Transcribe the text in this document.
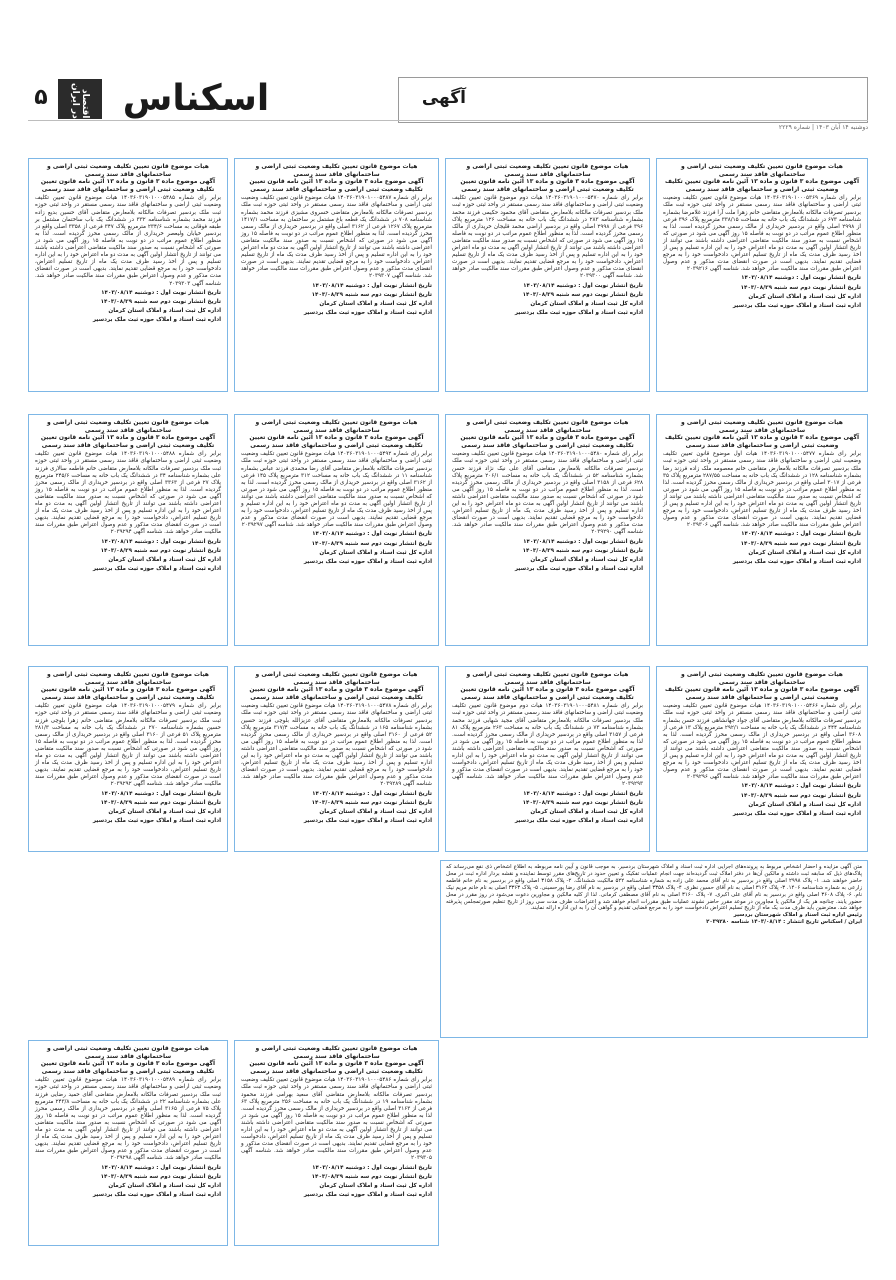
۵	اقتصاد در ایران	اسکناس	آگهی
دوشنبه ۱۴ آبان ۱۴۰۳ | شماره ۲۲۲۹
هیات موضوع قانون تعیین تکلیف وضعیت ثبتی اراضی و ساختمانهای فاقد سند رسمی
آگهی موضوع ماده ۳ قانون و ماده ۱۳ آئین نامه قانون تعیین تکلیف وضعیت ثبتی اراضی و ساختمانهای فاقد سند رسمی
برابر رای شماره ۱۴۰۳۶۰۳۱۹۰۱۰۰۰۵۳۶۹ هیات موضوع قانون تعیین تکلیف وضعیت ثبتی اراضی و ساختمانهای فاقد سند رسمی مستقر در واحد ثبتی حوزه ثبت ملک بردسیر تصرفات مالکانه بلامعارض متقاضی خانم زهرا ملت آرا فرزند غلامرضا بشماره شناسنامه ۶۷۳ در ششدانگ یک باب خانه به مساحت ۳۳۸/۱۵ مترمربع پلاک ۳۹۶ فرعی از ۲۹۹۸ اصلی واقع در بردسیر خریداری از مالک رسمی محرز گردیده است. لذا به منظور اطلاع عموم مراتب در دو نوبت به فاصله ۱۵ روز آگهی می شود در صورتی که اشخاص نسبت به صدور سند مالکیت متقاضی اعتراضی داشته باشند می توانند از تاریخ انتشار اولین آگهی به مدت دو ماه اعتراض خود را به این اداره تسلیم و پس از اخذ رسید ظرف مدت یک ماه از تاریخ تسلیم اعتراض، دادخواست خود را به مرجع قضایی تقدیم نمایند. بدیهی است در صورت انقضای مدت مذکور و عدم وصول اعتراض طبق مقررات سند مالکیت صادر خواهد شد. شناسه آگهی ۲۰۳۹۲۱۶
تاریخ انتشار نوبت اول : دوشنبه ۱۴۰۳/۰۸/۱۴
تاریخ انتشار نوبت دوم سه شنبه ۱۴۰۳/۰۸/۲۹
اداره کل ثبت اسناد و املاک استان کرمان
اداره ثبت اسناد و املاک حوزه ثبت ملک بردسیر
هیات موضوع قانون تعیین تکلیف وضعیت ثبتی اراضی و ساختمانهای فاقد سند رسمی
آگهی موضوع ماده ۳ قانون و ماده ۱۳ آئین نامه قانون تعیین تکلیف وضعیت ثبتی اراضی و ساختمانهای فاقد سند رسمی
برابر رای شماره ۱۴۰۳۶۰۳۱۹۰۱۰۰۰۵۴۷۰ هیات دوم موضوع قانون تعیین تکلیف وضعیت ثبتی اراضی و ساختمانهای فاقد سند رسمی مستقر در واحد ثبتی حوزه ثبت ملک بردسیر تصرفات مالکانه بلامعارض متقاضی آقای محمود حکیمی فرزند محمد بشماره شناسنامه ۲۸۳ در ششدانگ یک باب خانه به مساحت ۱۲۶ مترمربع پلاک ۳۹۶ فرعی از ۲۹۹۸ اصلی واقع در بردسیر اراضی محمد قلیجان خریداری از مالک رسمی محرز گردیده است. لذا به منظور اطلاع عموم مراتب در دو نوبت به فاصله ۱۵ روز آگهی می شود در صورتی که اشخاص نسبت به صدور سند مالکیت متقاضی اعتراضی داشته باشند می توانند از تاریخ انتشار اولین آگهی به مدت دو ماه اعتراض خود را به این اداره تسلیم و پس از اخذ رسید ظرف مدت یک ماه از تاریخ تسلیم اعتراض، دادخواست خود را به مرجع قضایی تقدیم نمایند. بدیهی است در صورت انقضای مدت مذکور و عدم وصول اعتراض طبق مقررات سند مالکیت صادر خواهد شد. شناسه آگهی ۲۰۳۹۳۰۰
تاریخ انتشار نوبت اول : دوشنبه ۱۴۰۳/۰۸/۱۴
تاریخ انتشار نوبت دوم سه شنبه ۱۴۰۳/۰۸/۲۹
اداره کل ثبت اسناد و املاک استان کرمان
اداره ثبت اسناد و املاک حوزه ثبت ملک بردسیر
هیات موضوع قانون تعیین تکلیف وضعیت ثبتی اراضی و ساختمانهای فاقد سند رسمی
آگهی موضوع ماده ۳ قانون و ماده ۱۳ آئین نامه قانون تعیین تکلیف وضعیت ثبتی اراضی و ساختمانهای فاقد سند رسمی
برابر رای شماره ۱۴۰۳۶۰۳۱۹۰۱۰۰۰۵۴۸۷ هیات موضوع قانون تعیین تکلیف وضعیت ثبتی اراضی و ساختمانهای فاقد سند رسمی مستقر در واحد ثبتی حوزه ثبت ملک بردسیر تصرفات مالکانه بلامعارض متقاضی خسروی مشیزی فرزند محمد بشماره شناسنامه ۷۰۸ در ششدانگ یک قطعه باغ مشتمل بر ساختمان به مساحت ۱۴۱۷/۱ مترمربع پلاک ۱۲۶۷ فرعی از ۳۱۶۲ اصلی واقع در بردسیر خریداری از مالک رسمی محرز گردیده است. لذا به منظور اطلاع عموم مراتب در دو نوبت به فاصله ۱۵ روز آگهی می شود در صورتی که اشخاص نسبت به صدور سند مالکیت متقاضی اعتراضی داشته باشند می توانند از تاریخ انتشار اولین آگهی به مدت دو ماه اعتراض خود را به این اداره تسلیم و پس از اخذ رسید ظرف مدت یک ماه از تاریخ تسلیم اعتراض، دادخواست خود را به مرجع قضایی تقدیم نمایند. بدیهی است در صورت انقضای مدت مذکور و عدم وصول اعتراض طبق مقررات سند مالکیت صادر خواهد شد. شناسه آگهی ۲۰۳۹۳۰۷
تاریخ انتشار نوبت اول : دوشنبه ۱۴۰۳/۰۸/۱۴
تاریخ انتشار نوبت دوم سه شنبه ۱۴۰۳/۰۸/۲۹
اداره کل ثبت اسناد و املاک استان کرمان
اداره ثبت اسناد و املاک حوزه ثبت ملک بردسیر
هیات موضوع قانون تعیین تکلیف وضعیت ثبتی اراضی و ساختمانهای فاقد سند رسمی
آگهی موضوع ماده ۳ قانون و ماده ۱۳ آئین نامه قانون تعیین تکلیف وضعیت ثبتی اراضی و ساختمانهای فاقد سند رسمی
برابر رای شماره ۱۴۰۳۶۰۳۱۹۰۱۰۰۰۵۴۸۵ هیات موضوع قانون تعیین تکلیف وضعیت ثبتی اراضی و ساختمانهای فاقد سند رسمی مستقر در واحد ثبتی حوزه ثبت ملک بردسیر تصرفات مالکانه بلامعارض متقاضی آقای حسین بدیع زاده فرزند محمد بشماره شناسنامه ۳۳۲ در ششدانگ یک باب ساختمان مشتمل بر طبقه فوقانی به مساحت ۲۳۴/۶ مترمربع پلاک ۳۴۷ فرعی از ۳۳۵۸ اصلی واقع در بردسیر خیابان ولیعصر خریداری از مالک رسمی محرز گردیده است. لذا به منظور اطلاع عموم مراتب در دو نوبت به فاصله ۱۵ روز آگهی می شود در صورتی که اشخاص نسبت به صدور سند مالکیت متقاضی اعتراضی داشته باشند می توانند از تاریخ انتشار اولین آگهی به مدت دو ماه اعتراض خود را به این اداره تسلیم و پس از اخذ رسید ظرف مدت یک ماه از تاریخ تسلیم اعتراض، دادخواست خود را به مرجع قضایی تقدیم نمایند. بدیهی است در صورت انقضای مدت مذکور و عدم وصول اعتراض طبق مقررات سند مالکیت صادر خواهد شد. شناسه آگهی ۲۰۳۹۳۰۳
تاریخ انتشار نوبت اول : دوشنبه ۱۴۰۳/۰۸/۱۴
تاریخ انتشار نوبت دوم سه شنبه ۱۴۰۳/۰۸/۲۹
اداره کل ثبت اسناد و املاک استان کرمان
اداره ثبت اسناد و املاک حوزه ثبت ملک بردسیر
هیات موضوع قانون تعیین تکلیف وضعیت ثبتی اراضی و ساختمانهای فاقد سند رسمی
آگهی موضوع ماده ۳ قانون و ماده ۱۳ آئین نامه قانون تعیین تکلیف وضعیت ثبتی اراضی و ساختمانهای فاقد سند رسمی
برابر رای شماره ۱۴۰۳۶۰۳۱۹۰۱۰۰۰۵۴۷۷ هیات اول موضوع قانون تعیین تکلیف وضعیت ثبتی اراضی و ساختمانهای فاقد سند رسمی مستقر در واحد ثبتی حوزه ثبت ملک بردسیر تصرفات مالکانه بلامعارض متقاضی خانم معصومه ملک زاده فرزند رضا بشماره شناسنامه ۱۲۸ در ششدانگ یک باب خانه به مساحت ۲۸۷/۵۵ مترمربع پلاک ۳۵ فرعی از ۳۰۱۷ اصلی واقع در بردسیر خریداری از مالک رسمی محرز گردیده است. لذا به منظور اطلاع عموم مراتب در دو نوبت به فاصله ۱۵ روز آگهی می شود در صورتی که اشخاص نسبت به صدور سند مالکیت متقاضی اعتراضی داشته باشند می توانند از تاریخ انتشار اولین آگهی به مدت دو ماه اعتراض خود را به این اداره تسلیم و پس از اخذ رسید ظرف مدت یک ماه از تاریخ تسلیم اعتراض، دادخواست خود را به مرجع قضایی تقدیم نمایند. بدیهی است در صورت انقضای مدت مذکور و عدم وصول اعتراض طبق مقررات سند مالکیت صادر خواهد شد. شناسه آگهی ۲۰۳۹۳۰۶
تاریخ انتشار نوبت اول : دوشنبه ۱۴۰۳/۰۸/۱۴
تاریخ انتشار نوبت دوم سه شنبه ۱۴۰۳/۰۸/۲۹
اداره کل ثبت اسناد و املاک استان کرمان
اداره ثبت اسناد و املاک حوزه ثبت ملک بردسیر
هیات موضوع قانون تعیین تکلیف وضعیت ثبتی اراضی و ساختمانهای فاقد سند رسمی
آگهی موضوع ماده ۳ قانون و ماده ۱۳ آئین نامه قانون تعیین تکلیف وضعیت ثبتی اراضی و ساختمانهای فاقد سند رسمی
برابر رای شماره ۱۴۰۳۶۰۳۱۹۰۱۰۰۰۵۴۸۰ هیات موضوع قانون تعیین تکلیف وضعیت ثبتی اراضی و ساختمانهای فاقد سند رسمی مستقر در واحد ثبتی حوزه ثبت ملک بردسیر تصرفات مالکانه بلامعارض متقاضی آقای علی نیک نژاد فرزند حسن بشماره شناسنامه ۵۲ در ششدانگ یک باب خانه به مساحت ۲۰۶/۱ مترمربع پلاک ۶۲۸ فرعی از ۳۱۵۸ اصلی واقع در بردسیر خریداری از مالک رسمی محرز گردیده است. لذا به منظور اطلاع عموم مراتب در دو نوبت به فاصله ۱۵ روز آگهی می شود در صورتی که اشخاص نسبت به صدور سند مالکیت متقاضی اعتراضی داشته باشند می توانند از تاریخ انتشار اولین آگهی به مدت دو ماه اعتراض خود را به این اداره تسلیم و پس از اخذ رسید ظرف مدت یک ماه از تاریخ تسلیم اعتراض، دادخواست خود را به مرجع قضایی تقدیم نمایند. بدیهی است در صورت انقضای مدت مذکور و عدم وصول اعتراض طبق مقررات سند مالکیت صادر خواهد شد. شناسه آگهی ۲۰۳۹۲۹۰
تاریخ انتشار نوبت اول : دوشنبه ۱۴۰۳/۰۸/۱۴
تاریخ انتشار نوبت دوم سه شنبه ۱۴۰۳/۰۸/۲۹
اداره کل ثبت اسناد و املاک استان کرمان
اداره ثبت اسناد و املاک حوزه ثبت ملک بردسیر
هیات موضوع قانون تعیین تکلیف وضعیت ثبتی اراضی و ساختمانهای فاقد سند رسمی
آگهی موضوع ماده ۳ قانون و ماده ۱۳ آئین نامه قانون تعیین تکلیف وضعیت ثبتی اراضی و ساختمانهای فاقد سند رسمی
برابر رای شماره ۱۴۰۳۶۰۳۱۹۰۱۰۰۰۵۴۹۲ هیات موضوع قانون تعیین تکلیف وضعیت ثبتی اراضی و ساختمانهای فاقد سند رسمی مستقر در واحد ثبتی حوزه ثبت ملک بردسیر تصرفات مالکانه بلامعارض متقاضی آقای رضا محمدی فرزند عباس بشماره شناسنامه ۱۱ در ششدانگ یک باب خانه به مساحت ۳۱۲ مترمربع پلاک ۱۴۵ فرعی از ۳۱۶۲ اصلی واقع در بردسیر خریداری از مالک رسمی محرز گردیده است. لذا به منظور اطلاع عموم مراتب در دو نوبت به فاصله ۱۵ روز آگهی می شود در صورتی که اشخاص نسبت به صدور سند مالکیت متقاضی اعتراضی داشته باشند می توانند از تاریخ انتشار اولین آگهی به مدت دو ماه اعتراض خود را به این اداره تسلیم و پس از اخذ رسید ظرف مدت یک ماه از تاریخ تسلیم اعتراض، دادخواست خود را به مرجع قضایی تقدیم نمایند. بدیهی است در صورت انقضای مدت مذکور و عدم وصول اعتراض طبق مقررات سند مالکیت صادر خواهد شد. شناسه آگهی ۲۰۳۹۲۹۷
تاریخ انتشار نوبت اول : دوشنبه ۱۴۰۳/۰۸/۱۴
تاریخ انتشار نوبت دوم سه شنبه ۱۴۰۳/۰۸/۲۹
اداره کل ثبت اسناد و املاک استان کرمان
اداره ثبت اسناد و املاک حوزه ثبت ملک بردسیر
هیات موضوع قانون تعیین تکلیف وضعیت ثبتی اراضی و ساختمانهای فاقد سند رسمی
آگهی موضوع ماده ۳ قانون و ماده ۱۳ آئین نامه قانون تعیین تکلیف وضعیت ثبتی اراضی و ساختمانهای فاقد سند رسمی
برابر رای شماره ۱۴۰۳۶۰۳۱۹۰۱۰۰۰۵۴۸۸ هیات موضوع قانون تعیین تکلیف وضعیت ثبتی اراضی و ساختمانهای فاقد سند رسمی مستقر در واحد ثبتی حوزه ثبت ملک بردسیر تصرفات مالکانه بلامعارض متقاضی خانم فاطمه سالاری فرزند علی بشماره شناسنامه ۳۴ در ششدانگ یک باب خانه به مساحت ۲۴۵/۶ مترمربع پلاک ۲۷ فرعی از ۳۳۶۳ اصلی واقع در بردسیر خریداری از مالک رسمی محرز گردیده است. لذا به منظور اطلاع عموم مراتب در دو نوبت به فاصله ۱۵ روز آگهی می شود در صورتی که اشخاص نسبت به صدور سند مالکیت متقاضی اعتراضی داشته باشند می توانند از تاریخ انتشار اولین آگهی به مدت دو ماه اعتراض خود را به این اداره تسلیم و پس از اخذ رسید ظرف مدت یک ماه از تاریخ تسلیم اعتراض، دادخواست خود را به مرجع قضایی تقدیم نمایند. بدیهی است در صورت انقضای مدت مذکور و عدم وصول اعتراض طبق مقررات سند مالکیت صادر خواهد شد. شناسه آگهی ۲۰۳۹۲۹۴
تاریخ انتشار نوبت اول : دوشنبه ۱۴۰۳/۰۸/۱۴
تاریخ انتشار نوبت دوم سه شنبه ۱۴۰۳/۰۸/۲۹
اداره کل ثبت اسناد و املاک استان کرمان
اداره ثبت اسناد و املاک حوزه ثبت ملک بردسیر
هیات موضوع قانون تعیین تکلیف وضعیت ثبتی اراضی و ساختمانهای فاقد سند رسمی
آگهی موضوع ماده ۳ قانون و ماده ۱۳ آئین نامه قانون تعیین تکلیف وضعیت ثبتی اراضی و ساختمانهای فاقد سند رسمی
برابر رای شماره ۱۴۰۳۶۰۳۱۹۰۱۰۰۰۵۴۶۶ هیات موضوع قانون تعیین تکلیف وضعیت ثبتی اراضی و ساختمانهای فاقد سند رسمی مستقر در واحد ثبتی حوزه ثبت ملک بردسیر تصرفات مالکانه بلامعارض متقاضی آقای جواد جهانشاهی فرزند حسن بشماره شناسنامه ۴۴۴ در ششدانگ یک باب خانه به مساحت ۲۹۲/۱ مترمربع پلاک ۱۳ فرعی از ۳۶۰۸ اصلی واقع در بردسیر خریداری از مالک رسمی محرز گردیده است. لذا به منظور اطلاع عموم مراتب در دو نوبت به فاصله ۱۵ روز آگهی می شود در صورتی که اشخاص نسبت به صدور سند مالکیت متقاضی اعتراضی داشته باشند می توانند از تاریخ انتشار اولین آگهی به مدت دو ماه اعتراض خود را به این اداره تسلیم و پس از اخذ رسید ظرف مدت یک ماه از تاریخ تسلیم اعتراض، دادخواست خود را به مرجع قضایی تقدیم نمایند. بدیهی است در صورت انقضای مدت مذکور و عدم وصول اعتراض طبق مقررات سند مالکیت صادر خواهد شد. شناسه آگهی ۲۰۳۹۲۹۶
تاریخ انتشار نوبت اول : دوشنبه ۱۴۰۳/۰۸/۱۴
تاریخ انتشار نوبت دوم سه شنبه ۱۴۰۳/۰۸/۲۹
اداره کل ثبت اسناد و املاک استان کرمان
اداره ثبت اسناد و املاک حوزه ثبت ملک بردسیر
هیات موضوع قانون تعیین تکلیف وضعیت ثبتی اراضی و ساختمانهای فاقد سند رسمی
آگهی موضوع ماده ۳ قانون و ماده ۱۳ آئین نامه قانون تعیین تکلیف وضعیت ثبتی اراضی و ساختمانهای فاقد سند رسمی
برابر رای شماره ۱۴۰۳۶۰۳۱۹۰۱۰۰۰۵۴۸۱ هیات دوم موضوع قانون تعیین تکلیف وضعیت ثبتی اراضی و ساختمانهای فاقد سند رسمی مستقر در واحد ثبتی حوزه ثبت ملک بردسیر تصرفات مالکانه بلامعارض متقاضی آقای مجید شهابی فرزند محمد بشماره شناسنامه ۷۳ در ششدانگ یک باب خانه به مساحت ۲۶۳ مترمربع پلاک ۸۱ فرعی از ۳۱۵۷ اصلی واقع در بردسیر خریداری از مالک رسمی محرز گردیده است. لذا به منظور اطلاع عموم مراتب در دو نوبت به فاصله ۱۵ روز آگهی می شود در صورتی که اشخاص نسبت به صدور سند مالکیت متقاضی اعتراضی داشته باشند می توانند از تاریخ انتشار اولین آگهی به مدت دو ماه اعتراض خود را به این اداره تسلیم و پس از اخذ رسید ظرف مدت یک ماه از تاریخ تسلیم اعتراض، دادخواست خود را به مرجع قضایی تقدیم نمایند. بدیهی است در صورت انقضای مدت مذکور و عدم وصول اعتراض طبق مقررات سند مالکیت صادر خواهد شد. شناسه آگهی ۲۰۳۹۲۹۳
تاریخ انتشار نوبت اول : دوشنبه ۱۴۰۳/۰۸/۱۴
تاریخ انتشار نوبت دوم سه شنبه ۱۴۰۳/۰۸/۲۹
اداره کل ثبت اسناد و املاک استان کرمان
اداره ثبت اسناد و املاک حوزه ثبت ملک بردسیر
هیات موضوع قانون تعیین تکلیف وضعیت ثبتی اراضی و ساختمانهای فاقد سند رسمی
آگهی موضوع ماده ۳ قانون و ماده ۱۳ آئین نامه قانون تعیین تکلیف وضعیت ثبتی اراضی و ساختمانهای فاقد سند رسمی
برابر رای شماره ۱۴۰۳۶۰۳۱۹۰۱۰۰۰۵۴۷۸ هیات موضوع قانون تعیین تکلیف وضعیت ثبتی اراضی و ساختمانهای فاقد سند رسمی مستقر در واحد ثبتی حوزه ثبت ملک بردسیر تصرفات مالکانه بلامعارض متقاضی آقای عزیزالله بلوچی فرزند حسین بشماره شناسنامه ۱۶۵ در ششدانگ یک باب خانه به مساحت ۳۱۷/۴ مترمربع پلاک ۵۲ فرعی از ۳۱۶۰ اصلی واقع در بردسیر خریداری از مالک رسمی محرز گردیده است. لذا به منظور اطلاع عموم مراتب در دو نوبت به فاصله ۱۵ روز آگهی می شود در صورتی که اشخاص نسبت به صدور سند مالکیت متقاضی اعتراضی داشته باشند می توانند از تاریخ انتشار اولین آگهی به مدت دو ماه اعتراض خود را به این اداره تسلیم و پس از اخذ رسید ظرف مدت یک ماه از تاریخ تسلیم اعتراض، دادخواست خود را به مرجع قضایی تقدیم نمایند. بدیهی است در صورت انقضای مدت مذکور و عدم وصول اعتراض طبق مقررات سند مالکیت صادر خواهد شد. شناسه آگهی ۲۰۳۹۲۸۹
تاریخ انتشار نوبت اول : دوشنبه ۱۴۰۳/۰۸/۱۴
تاریخ انتشار نوبت دوم سه شنبه ۱۴۰۳/۰۸/۲۹
اداره کل ثبت اسناد و املاک استان کرمان
اداره ثبت اسناد و املاک حوزه ثبت ملک بردسیر
هیات موضوع قانون تعیین تکلیف وضعیت ثبتی اراضی و ساختمانهای فاقد سند رسمی
آگهی موضوع ماده ۳ قانون و ماده ۱۳ آئین نامه قانون تعیین تکلیف وضعیت ثبتی اراضی و ساختمانهای فاقد سند رسمی
برابر رای شماره ۱۴۰۳۶۰۳۱۹۰۱۰۰۰۵۴۷۹ هیات موضوع قانون تعیین تکلیف وضعیت ثبتی اراضی و ساختمانهای فاقد سند رسمی مستقر در واحد ثبتی حوزه ثبت ملک بردسیر تصرفات مالکانه بلامعارض متقاضی خانم زهرا بلوچی فرزند حسین بشماره شناسنامه ۲۷۰ در ششدانگ یک باب خانه به مساحت ۲۸۱/۳ مترمربع پلاک ۵۱ فرعی از ۳۱۶۰ اصلی واقع در بردسیر خریداری از مالک رسمی محرز گردیده است. لذا به منظور اطلاع عموم مراتب در دو نوبت به فاصله ۱۵ روز آگهی می شود در صورتی که اشخاص نسبت به صدور سند مالکیت متقاضی اعتراضی داشته باشند می توانند از تاریخ انتشار اولین آگهی به مدت دو ماه اعتراض خود را به این اداره تسلیم و پس از اخذ رسید ظرف مدت یک ماه از تاریخ تسلیم اعتراض، دادخواست خود را به مرجع قضایی تقدیم نمایند. بدیهی است در صورت انقضای مدت مذکور و عدم وصول اعتراض طبق مقررات سند مالکیت صادر خواهد شد. شناسه آگهی ۲۰۳۹۲۹۲
تاریخ انتشار نوبت اول : دوشنبه ۱۴۰۳/۰۸/۱۴
تاریخ انتشار نوبت دوم سه شنبه ۱۴۰۳/۰۸/۲۹
اداره کل ثبت اسناد و املاک استان کرمان
اداره ثبت اسناد و املاک حوزه ثبت ملک بردسیر
هیات موضوع قانون تعیین تکلیف وضعیت ثبتی اراضی و ساختمانهای فاقد سند رسمی
آگهی موضوع ماده ۳ قانون و ماده ۱۳ آئین نامه قانون تعیین تکلیف وضعیت ثبتی اراضی و ساختمانهای فاقد سند رسمی
برابر رای شماره ۱۴۰۳۶۰۳۱۹۰۱۰۰۰۵۴۸۶ هیات موضوع قانون تعیین تکلیف وضعیت ثبتی اراضی و ساختمانهای فاقد سند رسمی مستقر در واحد ثبتی حوزه ثبت ملک بردسیر تصرفات مالکانه بلامعارض متقاضی آقای سعید بهرامی فرزند محمود بشماره شناسنامه ۱۹ در ششدانگ یک باب خانه به مساحت ۲۵۶ مترمربع پلاک ۶۳ فرعی از ۳۱۶۳ اصلی واقع در بردسیر خریداری از مالک رسمی محرز گردیده است. لذا به منظور اطلاع عموم مراتب در دو نوبت به فاصله ۱۵ روز آگهی می شود در صورتی که اشخاص نسبت به صدور سند مالکیت متقاضی اعتراضی داشته باشند می توانند از تاریخ انتشار اولین آگهی به مدت دو ماه اعتراض خود را به این اداره تسلیم و پس از اخذ رسید ظرف مدت یک ماه از تاریخ تسلیم اعتراض، دادخواست خود را به مرجع قضایی تقدیم نمایند. بدیهی است در صورت انقضای مدت مذکور و عدم وصول اعتراض طبق مقررات سند مالکیت صادر خواهد شد. شناسه آگهی ۲۰۳۹۳۰۵
تاریخ انتشار نوبت اول : دوشنبه ۱۴۰۳/۰۸/۱۴
تاریخ انتشار نوبت دوم سه شنبه ۱۴۰۳/۰۸/۲۹
اداره کل ثبت اسناد و املاک استان کرمان
اداره ثبت اسناد و املاک حوزه ثبت ملک بردسیر
هیات موضوع قانون تعیین تکلیف وضعیت ثبتی اراضی و ساختمانهای فاقد سند رسمی
آگهی موضوع ماده ۳ قانون و ماده ۱۳ آئین نامه قانون تعیین تکلیف وضعیت ثبتی اراضی و ساختمانهای فاقد سند رسمی
برابر رای شماره ۱۴۰۳۶۰۳۱۹۰۱۰۰۰۵۴۸۹ هیات موضوع قانون تعیین تکلیف وضعیت ثبتی اراضی و ساختمانهای فاقد سند رسمی مستقر در واحد ثبتی حوزه ثبت ملک بردسیر تصرفات مالکانه بلامعارض متقاضی آقای حمید رضایی فرزند علی بشماره شناسنامه ۲۲ در ششدانگ یک باب خانه به مساحت ۲۴۳/۸ مترمربع پلاک ۷۵ فرعی از ۳۱۶۵ اصلی واقع در بردسیر خریداری از مالک رسمی محرز گردیده است. لذا به منظور اطلاع عموم مراتب در دو نوبت به فاصله ۱۵ روز آگهی می شود در صورتی که اشخاص نسبت به صدور سند مالکیت متقاضی اعتراضی داشته باشند می توانند از تاریخ انتشار اولین آگهی به مدت دو ماه اعتراض خود را به این اداره تسلیم و پس از اخذ رسید ظرف مدت یک ماه از تاریخ تسلیم اعتراض، دادخواست خود را به مرجع قضایی تقدیم نمایند. بدیهی است در صورت انقضای مدت مذکور و عدم وصول اعتراض طبق مقررات سند مالکیت صادر خواهد شد. شناسه آگهی ۲۰۳۹۲۹۸
تاریخ انتشار نوبت اول : دوشنبه ۱۴۰۳/۰۸/۱۴
تاریخ انتشار نوبت دوم سه شنبه ۱۴۰۳/۰۸/۲۹
اداره کل ثبت اسناد و املاک استان کرمان
اداره ثبت اسناد و املاک حوزه ثبت ملک بردسیر
متن آگهی مزایده و احضار اشخاص مربوط به پرونده‌های اجرایی اداره ثبت اسناد و املاک شهرستان بردسیر. به موجب قانون و آیین نامه مربوطه به اطلاع اشخاص ذی نفع می‌رساند که پلاک‌های ذیل که سابقه ثبت داشته و مالکین آن‌ها در دفتر املاک ثبت گردیده‌اند جهت انجام عملیات تفکیک و تعیین حدود در تاریخ‌های مقرر توسط نماینده و نقشه بردار اداره ثبت در محل حاضر خواهند شد. ۱- پلاک ۲۹۹۸ اصلی واقع در بردسیر به نام آقای محمد علی زاده به شماره شناسنامه ۵۲۲ مالکیت ششدانگ. ۲- پلاک ۳۱۵۸ اصلی واقع در بردسیر به نام خانم فاطمه زارعی به شماره شناسنامه ۱۴۰۶. ۳- پلاک ۳۱۶۲ اصلی به نام آقای حسین نظری. ۴- پلاک ۳۳۵۸ اصلی واقع در بردسیر به نام آقای رضا پورحسینی. ۵- پلاک ۳۳۶۳ اصلی به نام خانم مریم نیک نام. ۶- پلاک ۳۶۰۸ اصلی واقع در بردسیر به نام آقای علی اکبری. ۷- پلاک ۳۱۶۰ اصلی به نام آقای مصطفی کرمانی. لذا از کلیه مالکین و مجاورین دعوت می‌شود در روز مقرر در محل حضور یابند. چنانچه هر یک از مالکین یا مجاورین در موعد مقرر حاضر نشوند عملیات طبق مقررات انجام خواهد شد و اعتراضات ظرف مدت سی روز از تاریخ تنظیم صورتمجلس پذیرفته خواهد شد. معترضین باید ظرف مدت یک ماه از تاریخ تسلیم اعتراض دادخواست خود را به مرجع قضایی تقدیم و گواهی آن را به این اداره ارائه نمایند.
رئیس اداره ثبت اسناد و املاک شهرستان بردسیر
ایران / اسکناس تاریخ انتشار : ۱۴۰۳/۰۸/۱۴ شناسه ۲۰۳۹۲۸۰
